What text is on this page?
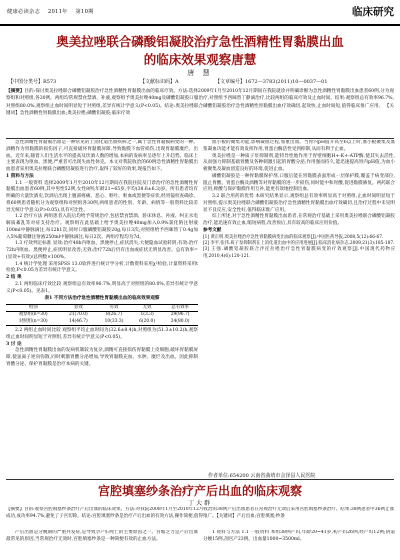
健康必读杂志 2011年 第10期	临床研究
奥美拉唑联合磷酸铝凝胶治疗急性酒精性胃黏膜出血
的临床效果观察唐慧
唐 慧
【中图分类号】R573	【文献标识码】A	【文章编号】1672—3783(2011)10—0037—01
【摘要】目的:探讨奥美拉唑联合磷酸铝凝胶治疗急性酒精性胃黏膜出血的临床疗效。方法:选择2009年1月至2010年12月期间在我院就诊并明确诊断为急性酒精性胃黏膜出血患者60例,分为观察组和对照组,各30例。两组均常规禁食禁酒、补液,观察组予奥美拉唑40mg及磷酸铝凝胶口服治疗,对照组予西咪替丁静滴治疗,比较两组的临床疗效及止血时间。结果:观察组总有效率96.7%,对照组80.0%,观察组止血时间明显短于对照组,差异有统计学意义(P<0.05)。结论:奥美拉唑联合磷酸铝凝胶治疗急性酒精性胃黏膜出血疗效确切,起效快,止血时间短,值得临床推广应用。 【关键词】急性酒精性胃黏膜出血;奥美拉唑;磷酸铝凝胶;临床疗效

急性酒精性胃黏膜出血是一种常见的上消化道出血疾病之一,属于急性胃黏膜病变的一种。酒精作为胃黏膜的损伤因子,可直接破坏胃黏膜屏障,导致黏膜下血管损伤,出现胃黏膜糜烂、出血。近年来,随着人们生活水平的提高及饮酒人数的增加,本病的发病率呈逐年上升趋势。临床上主要表现为呕血、黑便,严重者可出现失血性休克。本文对我院收治的60例急性酒精性胃黏膜出血患者采用奥美拉唑联合磷酸铝凝胶进行治疗,取得了较好的效果,现报告如下。

1 资料与方法

1.1 一般资料 选择2009年1月至2010年12月期间在我院住院及门诊治疗的急性酒精性胃黏膜出血患者60例,其中男性52例,女性8例;年龄21~65岁,平均(38.6±6.3)岁。所有患者均有明确的大量饮酒史,饮酒后出现上腹部疼痛、恶心、呕吐、呕血或黑便等症状,经胃镜检查确诊。将60例患者随机分为观察组和对照组各30例,两组患者的性别、年龄、病情等一般资料比较差异无统计学意义(P>0.05),具有可比性。

1.2 治疗方法 两组患者入院后均给予常规治疗,包括禁食禁酒、卧床休息、补液、纠正水电解质紊乱等对症支持治疗。观察组在此基础上给予奥美拉唑40mg加入0.9%氯化钠注射液100ml中静脉滴注,每12h1次,同时口服磷酸铝凝胶20g,每日3次;对照组给予西咪替丁0.4g加入5%葡萄糖注射液250ml中静脉滴注,每日2次。两组疗程均为7d。

1.3 疗效判定标准 显效:治疗48h内呕血、黑便停止,症状消失,大便隐血试验转阴;有效:治疗72h内呕血、黑便停止,症状明显改善;无效:治疗72h后仍有出血或症状无明显改善。总有效率=(显效+有效)/总例数×100%。

1.4 统计学处理 采用SPSS 13.0软件进行统计学分析,计数资料采用χ²检验,计量资料采用t检验,P<0.05为差异有统计学意义。

2 结 果

2.1 两组临床疗效比较 观察组总有效率96.7%,明显高于对照组的80.0%,差异有统计学意义(P<0.05)。见表1。

表1 不同方法治疗急性酒精性胃黏膜出血的临床效果观察

组别	显效	有效	无效	总有效率
观察组(n=30)	21(70.0)	8(26.7)	1(3.3)	29(96.7)
对照组(n=30)	14(46.7)	10(33.3)	6(20.0)	24(80.0)

2.2 两组止血时间比较 观察组平均止血时间为(32.6±8.4)h,对照组为(51.3±10.2)h,观察组止血时间明显短于对照组,差异有统计学意义(P<0.05)。

3 讨 论

急性酒精性胃黏膜出血的发病机制较为复杂,酒精可直接损伤胃黏膜上皮细胞,破坏胃黏膜屏障,使氢离子逆向弥散,同时刺激胃酸分泌增加,导致胃黏膜充血、水肿、糜烂及出血。因此抑制胃酸分泌、保护胃黏膜是治疗本病的关键。

血小板的聚集功能,影响凝血过程,加重出血。当胃内pH值升高至6以上时,血小板聚集及血浆凝血功能才能有效发挥作用,胃蛋白酶活性受到抑制,从而有利于止血。

奥美拉唑是一种质子泵抑制剂,能特异性地作用于胃壁细胞H+-K+-ATP酶,使其失去活性,从而强力抑制基础胃酸及各种刺激引起的胃酸分泌,作用强而持久,能迅速提高胃内pH值,为血小板聚集及凝血创造良好的环境,促进止血。

磷酸铝凝胶是一种胃黏膜保护剂,口服后能在胃黏膜表面形成一层保护膜,覆盖于病变部位,阻止胃酸、胃蛋白酶及酒精等对胃黏膜的进一步损伤,同时能中和胃酸,促进黏膜修复。两药联合应用,抑酸与保护黏膜作用互补,能更有效地控制出血。

3.2 联合用药的优势 本研究结果显示,观察组总有效率明显高于对照组,止血时间明显短于对照组,提示奥美拉唑联合磷酸铝凝胶治疗急性酒精性胃黏膜出血疗效确切,且治疗过程中未见明显不良反应,安全性好,值得临床推广应用。

综上所述,对于急性酒精性胃黏膜出血患者,在常规治疗基础上采用奥美拉唑联合磷酸铝凝胶治疗,能迅速有效止血,缩短病程,改善预后,具有较高的临床应用价值。

参考文献

[1] 黄正明.奥美拉唑治疗急性胃黏膜病变出血的临床观察[J].中国医药导报,2008,5(12):66-67.
[2] 李平,张伟.质子泵抑制剂在上消化道出血中的应用进展[J].临床消化病杂志,2009,21(3):185-187.
[3] 王强.磷酸铝凝胶联合泮托拉唑治疗急性胃黏膜病变的疗效观察[J].中国现代药物应用,2010,4(6):120-121.
作者单位:654200 云南省曲靖市会泽县人民医院
宫腔填塞纱条治疗产后出血的临床观察
丁大群
【摘要】目的:观察宫腔填塞纱条治疗产后出血的临床效果。方法:对我院2008年1月至2010年12月收治的38例产后出血患者在常规治疗无效后采用宫腔填塞纱条治疗。结果:38例患者中36例止血成功,成功率94.7%,避免了子宫切除。结论:宫腔填塞纱条是治疗产后出血的有效方法,操作简便,值得推广。【关键词】产后出血;宫腔填塞;纱条

产后出血是分娩期的严重并发症,是导致孕产妇死亡的主要原因之一。宫缩乏力是产后出血最常见的原因,当常规治疗无效时,宫腔填塞纱条是一种简便有效的止血方法。

1 资料与方法 1.1 一般资料 本组38例产妇,年龄20~41岁,初产妇26例,经产妇12例;阴道分娩15例,剖宫产23例。出血量1000~3500ml。
